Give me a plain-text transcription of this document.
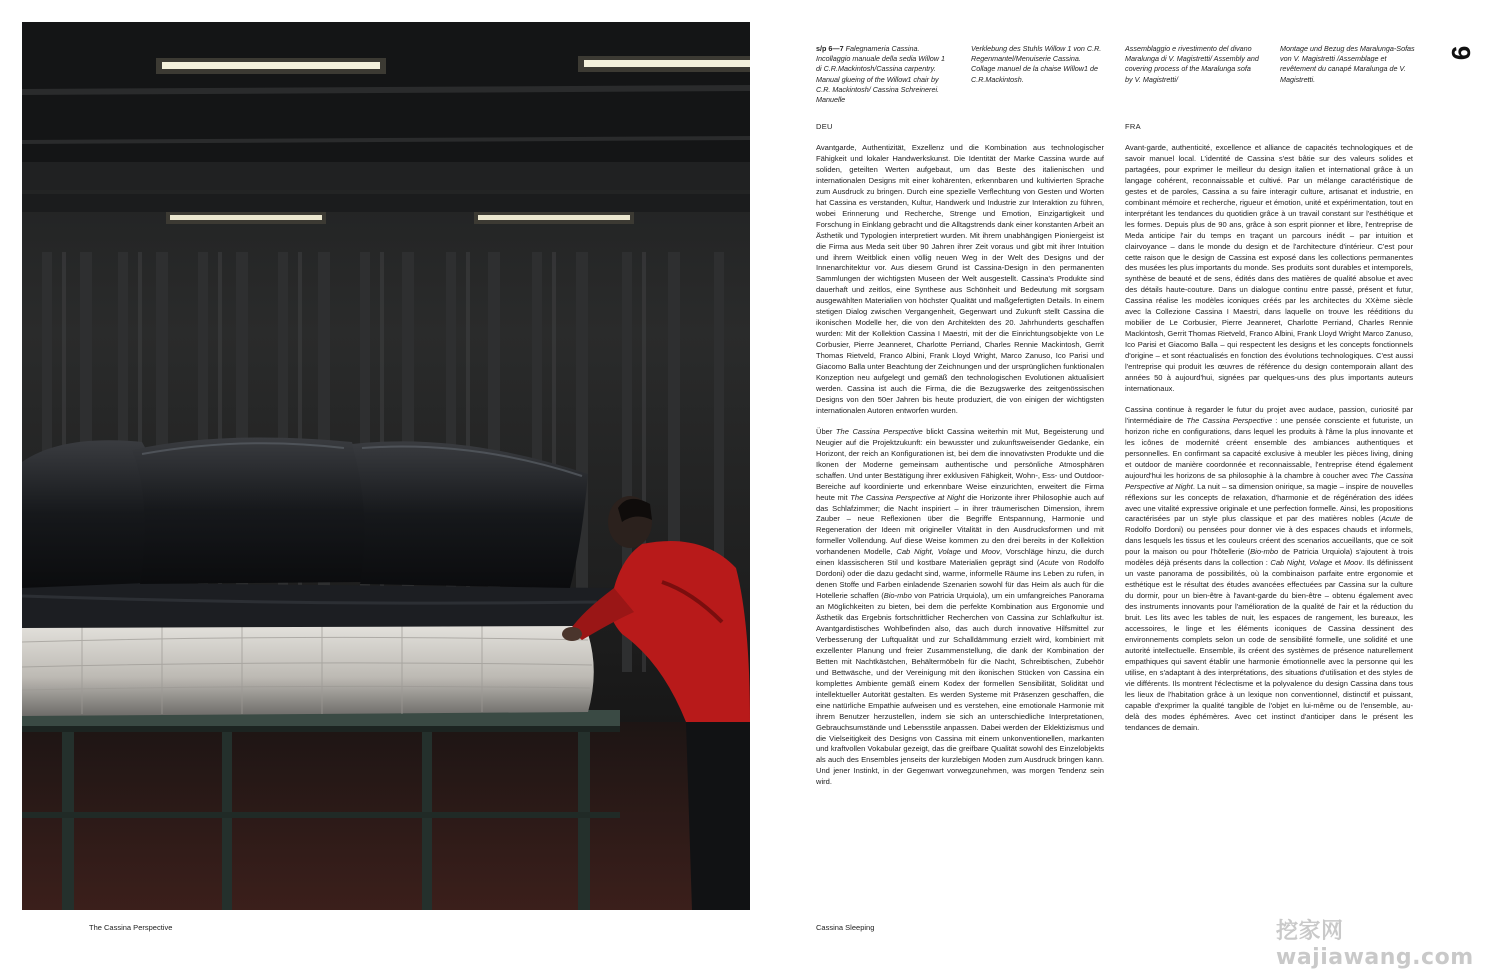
s/p 6—7 Falegnameria Cassina. Incollaggio manuale della sedia Willow 1 di C.R.Mackintosh/Cassina carpentry. Manual glueing of the Willow1 chair by C.R. Mackintosh/ Cassina Schreinerei. Manuelle
Verklebung des Stuhls Willow 1 von C.R. Regenmantel/Menuiserie Cassina. Collage manuel de la chaise Willow1 de C.R.Mackintosh.
Assemblaggio e rivestimento del divano Maralunga di V. Magistretti/ Assembly and covering process of the Maralunga sofa by V. Magistretti/
Montage und Bezug des Maralunga-Sofas von V. Magistretti /Assemblage et revêtement du canapé Maralunga de V. Magistretti.
9
DEU	FRA

Avantgarde, Authentizität, Exzellenz und die Kombination aus technologischer Fähigkeit und lokaler Handwerkskunst. Die Identität der Marke Cassina wurde auf soliden, geteilten Werten aufgebaut, um das Beste des italienischen und internationalen Designs mit einer kohärenten, erkennbaren und kultivierten Sprache zum Ausdruck zu bringen. Durch eine spezielle Verflechtung von Gesten und Worten hat Cassina es verstanden, Kultur, Handwerk und Industrie zur Interaktion zu führen, wobei Erinnerung und Recherche, Strenge und Emotion, Einzigartigkeit und Forschung in Einklang gebracht und die Alltagstrends dank einer konstanten Arbeit an Ästhetik und Typologien interpretiert wurden. Mit ihrem unabhängigen Pioniergeist ist die Firma aus Meda seit über 90 Jahren ihrer Zeit voraus und gibt mit ihrer Intuition und ihrem Weitblick einen völlig neuen Weg in der Welt des Designs und der Innenarchitektur vor. Aus diesem Grund ist Cassina-Design in den permanenten Sammlungen der wichtigsten Museen der Welt ausgestellt. Cassina's Produkte sind dauerhaft und zeitlos, eine Synthese aus Schönheit und Bedeutung mit sorgsam ausgewählten Materialien von höchster Qualität und maßgefertigten Details. In einem stetigen Dialog zwischen Vergangenheit, Gegenwart und Zukunft stellt Cassina die ikonischen Modelle her, die von den Architekten des 20. Jahrhunderts geschaffen wurden: Mit der Kollektion Cassina I Maestri, mit der die Einrichtungsobjekte von Le Corbusier, Pierre Jeanneret, Charlotte Perriand, Charles Rennie Mackintosh, Gerrit Thomas Rietveld, Franco Albini, Frank Lloyd Wright, Marco Zanuso, Ico Parisi und Giacomo Balla unter Beachtung der Zeichnungen und der ursprünglichen funktionalen Konzeption neu aufgelegt und gemäß den technologischen Evolutionen aktualisiert werden. Cassina ist auch die Firma, die die Bezugswerke des zeitgenössischen Designs von den 50er Jahren bis heute produziert, die von einigen der wichtigsten internationalen Autoren entworfen wurden.

Über The Cassina Perspective blickt Cassina weiterhin mit Mut, Begeisterung und Neugier auf die Projektzukunft: ein bewusster und zukunftsweisender Gedanke, ein Horizont, der reich an Konfigurationen ist, bei dem die innovativsten Produkte und die Ikonen der Moderne gemeinsam authentische und persönliche Atmosphären schaffen. Und unter Bestätigung ihrer exklusiven Fähigkeit, Wohn-, Ess- und Outdoor-Bereiche auf koordinierte und erkennbare Weise einzurichten, erweitert die Firma heute mit The Cassina Perspective at Night die Horizonte ihrer Philosophie auch auf das Schlafzimmer; die Nacht inspiriert – in ihrer träumerischen Dimension, ihrem Zauber – neue Reflexionen über die Begriffe Entspannung, Harmonie und Regeneration der Ideen mit origineller Vitalität in den Ausdrucksformen und mit formeller Vollendung. Auf diese Weise kommen zu den drei bereits in der Kollektion vorhandenen Modelle, Cab Night, Volage und Moov, Vorschläge hinzu, die durch einen klassischeren Stil und kostbare Materialien geprägt sind (Acute von Rodolfo Dordoni) oder die dazu gedacht sind, warme, informelle Räume ins Leben zu rufen, in denen Stoffe und Farben einladende Szenarien sowohl für das Heim als auch für die Hotellerie schaffen (Bio-mbo von Patricia Urquiola), um ein umfangreiches Panorama an Möglichkeiten zu bieten, bei dem die perfekte Kombination aus Ergonomie und Ästhetik das Ergebnis fortschrittlicher Recherchen von Cassina zur Schlafkultur ist. Avantgardistisches Wohlbefinden also, das auch durch innovative Hilfsmittel zur Verbesserung der Luftqualität und zur Schalldämmung erzielt wird, kombiniert mit exzellenter Planung und freier Zusammenstellung, die dank der Kombination der Betten mit Nachtkästchen, Behältermöbeln für die Nacht, Schreibtischen, Zubehör und Bettwäsche, und der Vereinigung mit den ikonischen Stücken von Cassina ein komplettes Ambiente gemäß einem Kodex der formellen Sensibilität, Solidität und intellektueller Autorität gestalten. Es werden Systeme mit Präsenzen geschaffen, die eine natürliche Empathie aufweisen und es verstehen, eine emotionale Harmonie mit ihrem Benutzer herzustellen, indem sie sich an unterschiedliche Interpretationen, Gebrauchsumstände und Lebensstile anpassen. Dabei werden der Eklektizismus und die Vielseitigkeit des Designs von Cassina mit einem unkonventionellen, markanten und kraftvollen Vokabular gezeigt, das die greifbare Qualität sowohl des Einzelobjekts als auch des Ensembles jenseits der kurzlebigen Moden zum Ausdruck bringen kann. Und jener Instinkt, in der Gegenwart vorwegzunehmen, was morgen Tendenz sein wird.

Avant-garde, authenticité, excellence et alliance de capacités technologiques et de savoir manuel local. L'identité de Cassina s'est bâtie sur des valeurs solides et partagées, pour exprimer le meilleur du design italien et international grâce à un langage cohérent, reconnaissable et cultivé. Par un mélange caractéristique de gestes et de paroles, Cassina a su faire interagir culture, artisanat et industrie, en combinant mémoire et recherche, rigueur et émotion, unité et expérimentation, tout en interprétant les tendances du quotidien grâce à un travail constant sur l'esthétique et les formes. Depuis plus de 90 ans, grâce à son esprit pionner et libre, l'entreprise de Meda anticipe l'air du temps en traçant un parcours inédit – par intuition et clairvoyance – dans le monde du design et de l'architecture d'intérieur. C'est pour cette raison que le design de Cassina est exposé dans les collections permanentes des musées les plus importants du monde. Ses produits sont durables et intemporels, synthèse de beauté et de sens, édités dans des matières de qualité absolue et avec des détails haute-couture. Dans un dialogue continu entre passé, présent et futur, Cassina réalise les modèles iconiques créés par les architectes du XXème siècle avec la Collezione Cassina I Maestri, dans laquelle on trouve les rééditions du mobilier de Le Corbusier, Pierre Jeanneret, Charlotte Perriand, Charles Rennie Mackintosh, Gerrit Thomas Rietveld, Franco Albini, Frank Lloyd Wright Marco Zanuso, Ico Parisi et Giacomo Balla – qui respectent les designs et les concepts fonctionnels d'origine – et sont réactualisés en fonction des évolutions technologiques. C'est aussi l'entreprise qui produit les œuvres de référence du design contemporain allant des années 50 à aujourd'hui, signées par quelques-uns des plus importants auteurs internationaux.

Cassina continue à regarder le futur du projet avec audace, passion, curiosité par l'intermédiaire de The Cassina Perspective : une pensée consciente et futuriste, un horizon riche en configurations, dans lequel les produits à l'âme la plus innovante et les icônes de modernité créent ensemble des ambiances authentiques et personnelles. En confirmant sa capacité exclusive à meubler les pièces living, dining et outdoor de manière coordonnée et reconnaissable, l'entreprise étend également aujourd'hui les horizons de sa philosophie à la chambre à coucher avec The Cassina Perspective at Night. La nuit – sa dimension onirique, sa magie – inspire de nouvelles réflexions sur les concepts de relaxation, d'harmonie et de régénération des idées avec une vitalité expressive originale et une perfection formelle. Ainsi, les propositions caractérisées par un style plus classique et par des matières nobles (Acute de Rodolfo Dordoni) ou pensées pour donner vie à des espaces chauds et informels, dans lesquels les tissus et les couleurs créent des scenarios accueillants, que ce soit pour la maison ou pour l'hôtellerie (Bio-mbo de Patricia Urquiola) s'ajoutent à trois modèles déjà présents dans la collection : Cab Night, Volage et Moov. Ils définissent un vaste panorama de possibilités, où la combinaison parfaite entre ergonomie et esthétique est le résultat des études avancées effectuées par Cassina sur la culture du dormir, pour un bien-être à l'avant-garde du bien-être – obtenu également avec des instruments innovants pour l'amélioration de la qualité de l'air et la réduction du bruit. Les lits avec les tables de nuit, les espaces de rangement, les bureaux, les accessoires, le linge et les éléments iconiques de Cassina dessinent des environnements complets selon un code de sensibilité formelle, une solidité et une autorité intellectuelle. Ensemble, ils créent des systèmes de présence naturellement empathiques qui savent établir une harmonie émotionnelle avec la personne qui les utilise, en s'adaptant à des interprétations, des situations d'utilisation et des styles de vie différents. Ils montrent l'éclectisme et la polyvalence du design Cassina dans tous les lieux de l'habitation grâce à un lexique non conventionnel, distinctif et puissant, capable d'exprimer la qualité tangible de l'objet en lui-même ou de l'ensemble, au-delà des modes éphémères. Avec cet instinct d'anticiper dans le présent les tendances de demain.

The Cassina Perspective	Cassina Sleeping	挖家网 wajiawang.com
